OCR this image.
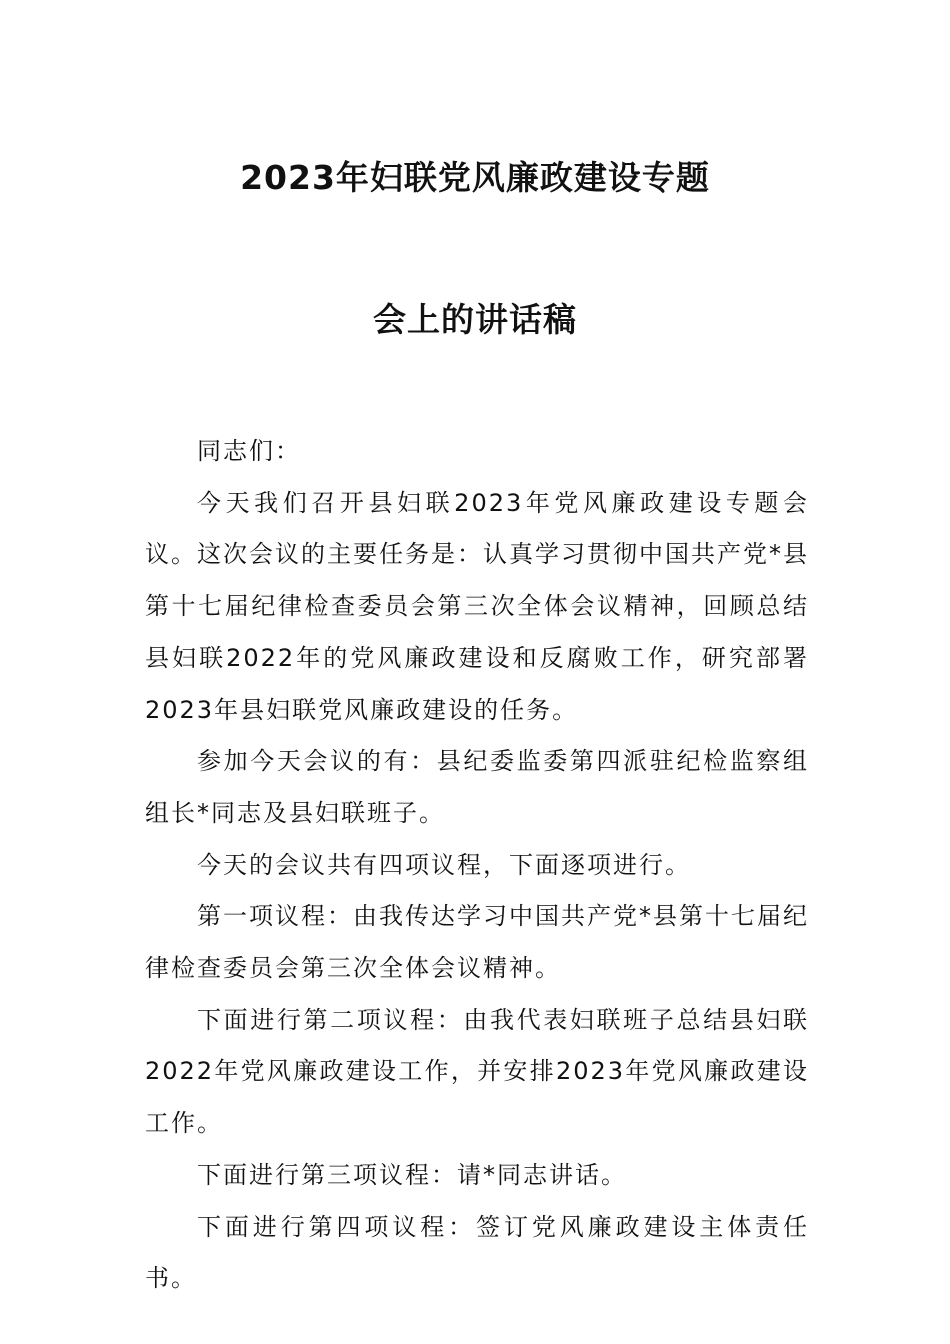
2023年妇联党风廉政建设专题
会上的讲话稿

同志们：

今天我们召开县妇联2023年党风廉政建设专题会议。这次会议的主要任务是：认真学习贯彻中国共产党*县第十七届纪律检查委员会第三次全体会议精神，回顾总结县妇联2022年的党风廉政建设和反腐败工作，研究部署2023年县妇联党风廉政建设的任务。

参加今天会议的有：县纪委监委第四派驻纪检监察组组长*同志及县妇联班子。

今天的会议共有四项议程，下面逐项进行。

第一项议程：由我传达学习中国共产党*县第十七届纪律检查委员会第三次全体会议精神。

下面进行第二项议程：由我代表妇联班子总结县妇联2022年党风廉政建设工作，并安排2023年党风廉政建设工作。

下面进行第三项议程：请*同志讲话。

下面进行第四项议程：签订党风廉政建设主体责任书。
